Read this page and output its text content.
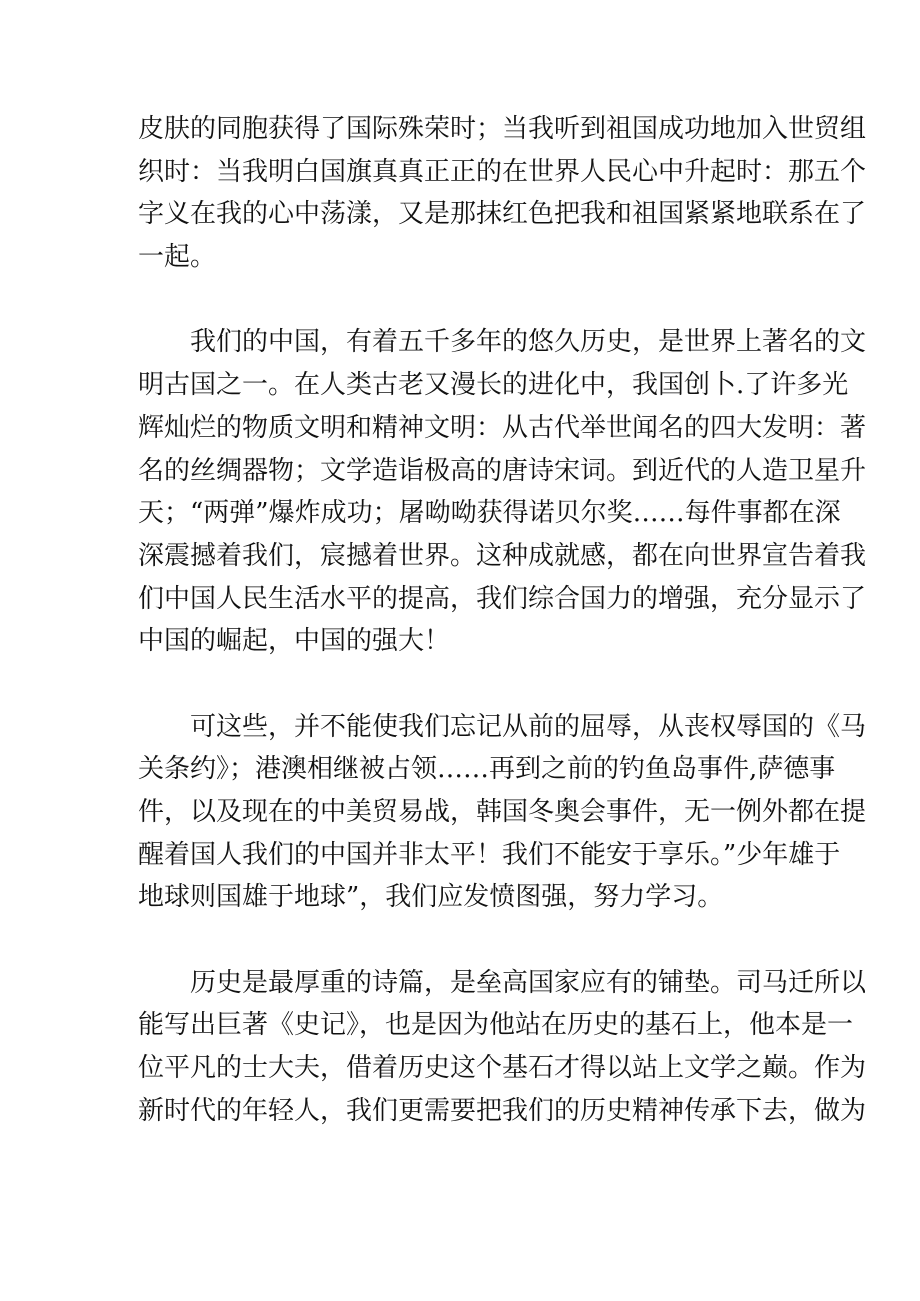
皮肤的同胞获得了国际殊荣时；当我听到祖国成功地加入世贸组
织时：当我明白国旗真真正正的在世界人民心中升起时：那五个
字义在我的心中荡漾，又是那抹红色把我和祖国紧紧地联系在了
一起。
我们的中国，有着五千多年的悠久历史，是世界上著名的文
明古国之一。在人类古老又漫长的进化中，我国创卜.了许多光
辉灿烂的物质文明和精神文明：从古代举世闻名的四大发明：著
名的丝绸器物；文学造诣极高的唐诗宋词。到近代的人造卫星升
天；“两弹”爆炸成功；屠呦呦获得诺贝尔奖……每件事都在深
深震撼着我们，宸撼着世界。这种成就感，都在向世界宣告着我
们中国人民生活水平的提高，我们综合国力的增强，充分显示了
中国的崛起，中国的强大！
可这些，并不能使我们忘记从前的屈辱，从丧权辱国的《马
关条约》；港澳相继被占领……再到之前的钓鱼岛事件,萨德事
件，以及现在的中美贸易战，韩国冬奥会事件，无一例外都在提
醒着国人我们的中国并非太平！我们不能安于享乐。”少年雄于
地球则国雄于地球”，我们应发愤图强，努力学习。
历史是最厚重的诗篇，是垒高国家应有的铺垫。司马迁所以
能写出巨著《史记》，也是因为他站在历史的基石上，他本是一
位平凡的士大夫，借着历史这个基石才得以站上文学之巅。作为
新时代的年轻人，我们更需要把我们的历史精神传承下去，做为
